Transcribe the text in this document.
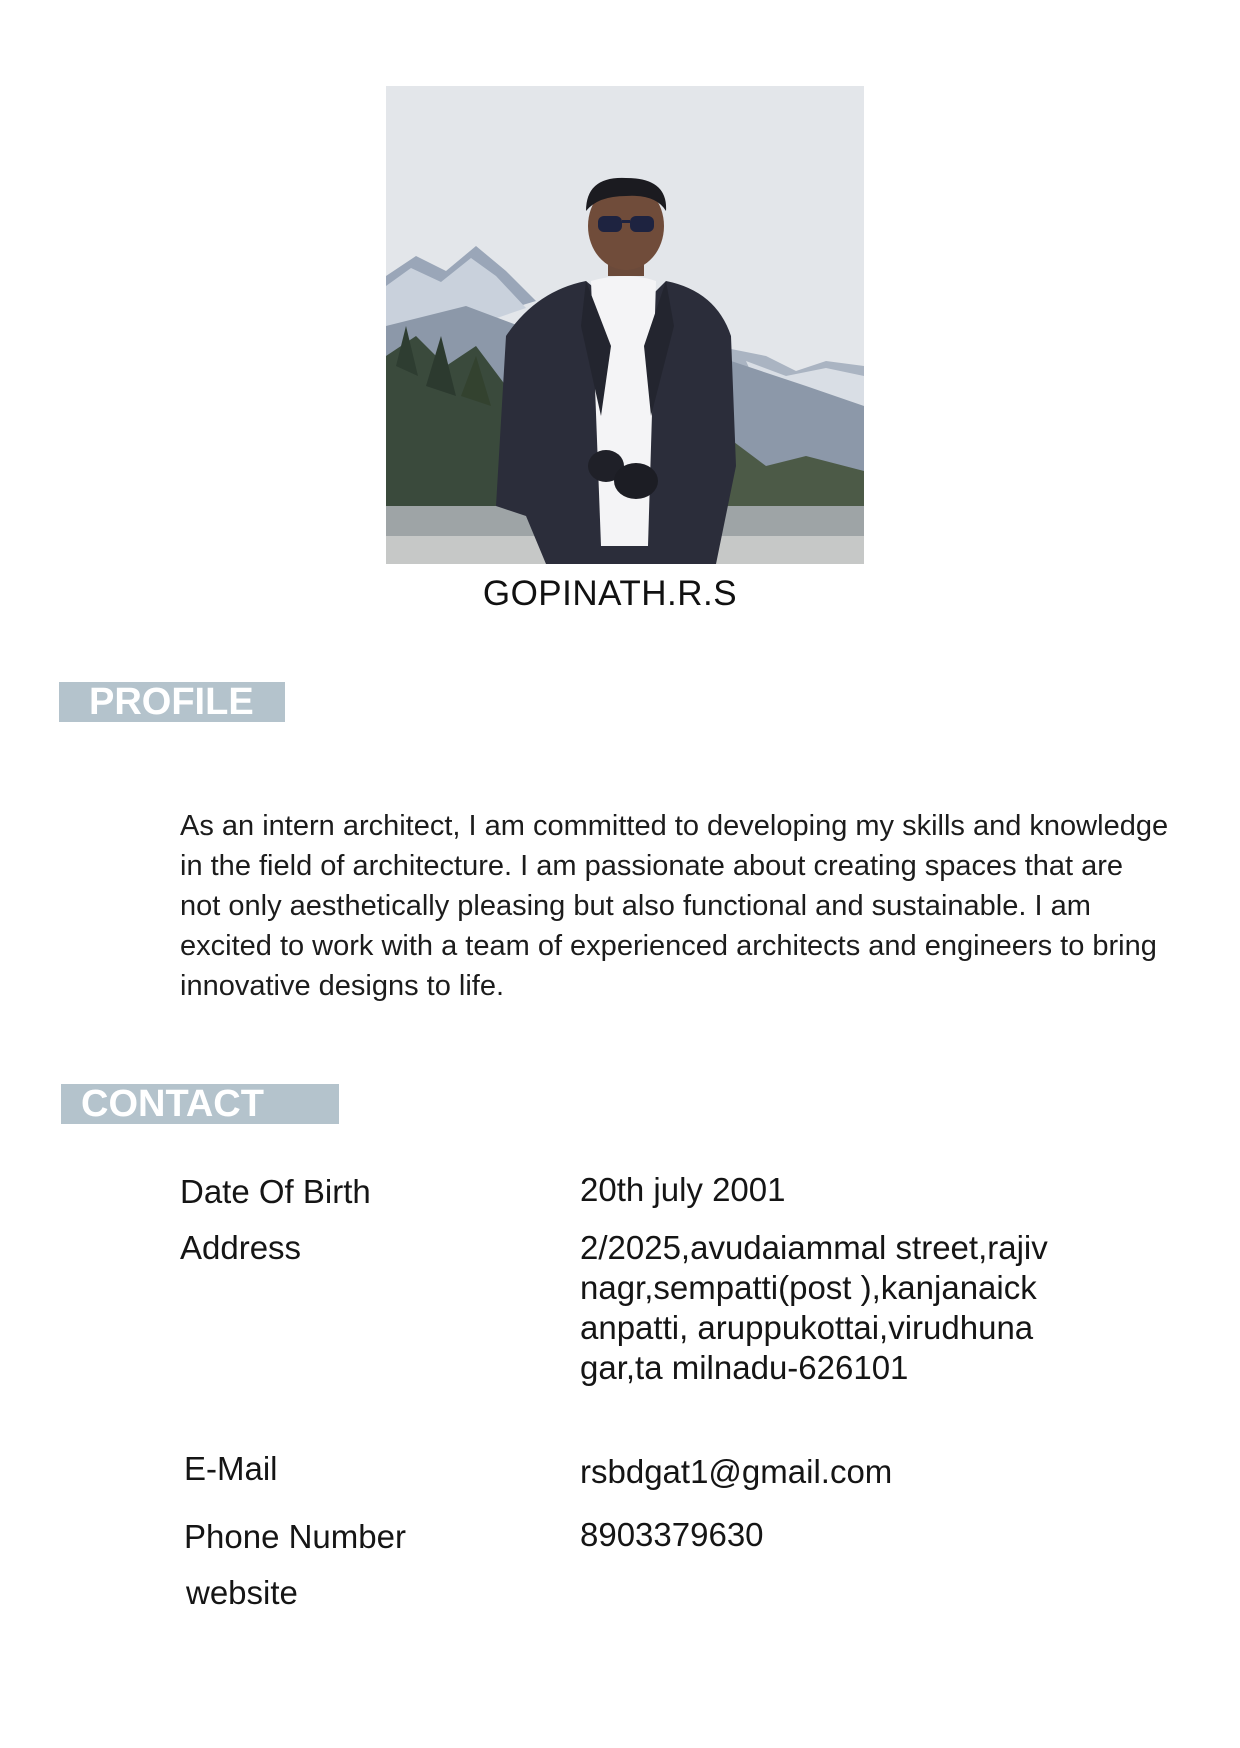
GOPINATH.R.S
PROFILE
As an intern architect, I am committed to developing my skills and knowledge in the field of architecture. I am passionate about creating spaces that are not only aesthetically pleasing but also functional and sustainable. I am excited to work with a team of experienced architects and engineers to bring innovative designs to life.
CONTACT
Date Of Birth	20th july 2001
Address	2/2025,avudaiammal street,rajivnagr,sempatti(post ),kanjanaickanpatti, aruppukottai,virudhunagar,ta milnadu-626101
E-Mail	rsbdgat1@gmail.com
Phone Number	8903379630
website
